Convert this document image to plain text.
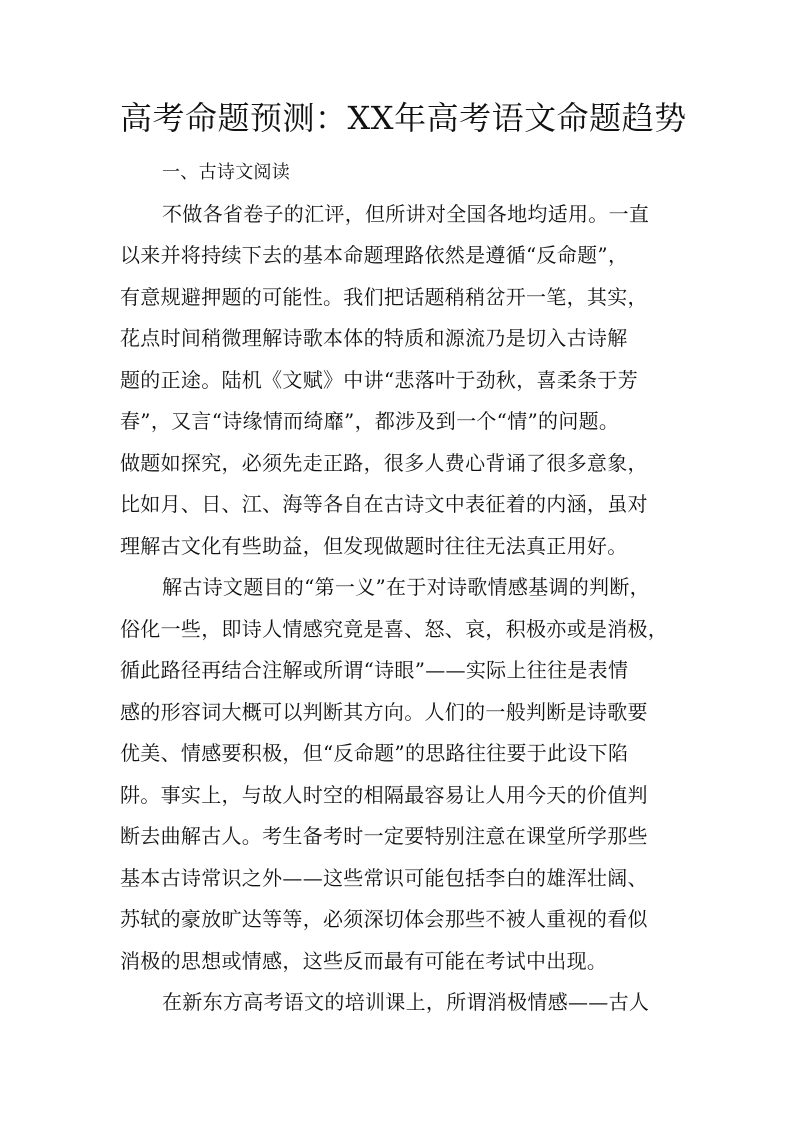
高考命题预测：XX年高考语文命题趋势
一、古诗文阅读
不做各省卷子的汇评，但所讲对全国各地均适用。一直
以来并将持续下去的基本命题理路依然是遵循“反命题”，
有意规避押题的可能性。我们把话题稍稍岔开一笔，其实，
花点时间稍微理解诗歌本体的特质和源流乃是切入古诗解
题的正途。陆机《文赋》中讲“悲落叶于劲秋，喜柔条于芳
春”，又言“诗缘情而绮靡”，都涉及到一个“情”的问题。
做题如探究，必须先走正路，很多人费心背诵了很多意象，
比如月、日、江、海等各自在古诗文中表征着的内涵，虽对
理解古文化有些助益，但发现做题时往往无法真正用好。
解古诗文题目的“第一义”在于对诗歌情感基调的判断，
俗化一些，即诗人情感究竟是喜、怒、哀，积极亦或是消极，
循此路径再结合注解或所谓“诗眼”——实际上往往是表情
感的形容词大概可以判断其方向。人们的一般判断是诗歌要
优美、情感要积极，但“反命题”的思路往往要于此设下陷
阱。事实上，与故人时空的相隔最容易让人用今天的价值判
断去曲解古人。考生备考时一定要特别注意在课堂所学那些
基本古诗常识之外——这些常识可能包括李白的雄浑壮阔、
苏轼的豪放旷达等等，必须深切体会那些不被人重视的看似
消极的思想或情感，这些反而最有可能在考试中出现。
在新东方高考语文的培训课上，所谓消极情感——古人
